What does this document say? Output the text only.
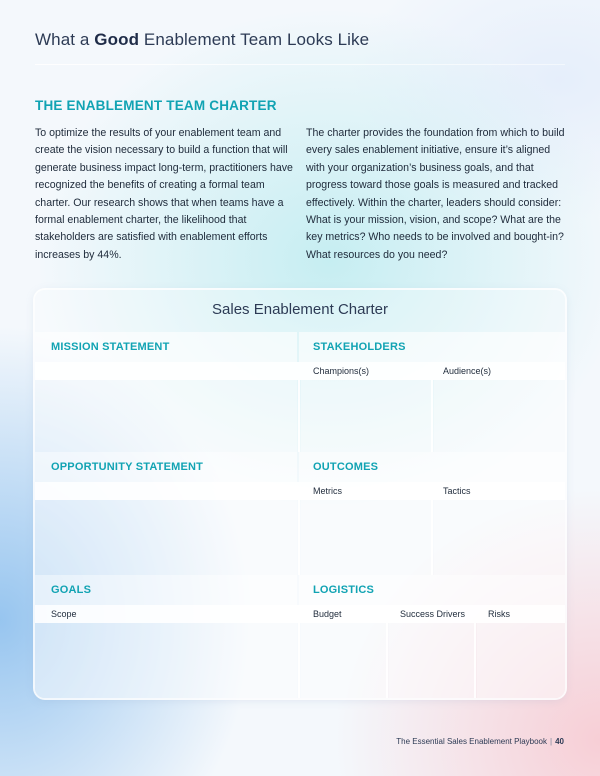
What a Good Enablement Team Looks Like
THE ENABLEMENT TEAM CHARTER

To optimize the results of your enablement team and create the vision necessary to build a function that will generate business impact long-term, practitioners have recognized the benefits of creating a formal team charter. Our research shows that when teams have a formal enablement charter, the likelihood that stakeholders are satisfied with enablement efforts increases by 44%.

The charter provides the foundation from which to build every sales enablement initiative, ensure it’s aligned with your organization’s business goals, and that progress toward those goals is measured and tracked effectively. Within the charter, leaders should consider: What is your mission, vision, and scope? What are the key metrics? Who needs to be involved and bought-in? What resources do you need?

Sales Enablement Charter
MISSION STATEMENT	STAKEHOLDERS
Champions(s)	Audience(s)
OPPORTUNITY STATEMENT	OUTCOMES
Metrics	Tactics
GOALS	LOGISTICS
Scope	Budget	Success Drivers	Risks
The Essential Sales Enablement Playbook | 40
